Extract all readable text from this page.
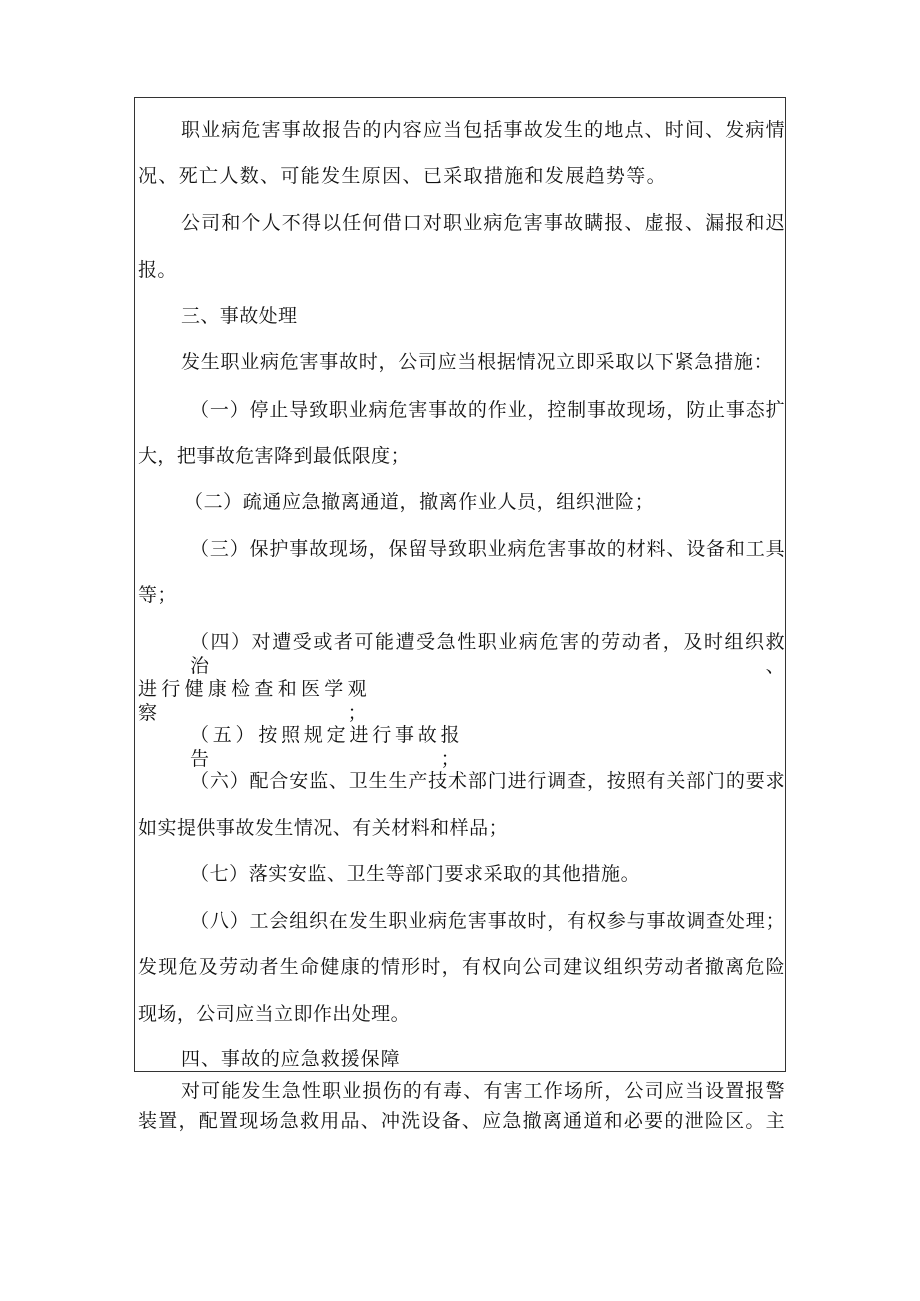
职业病危害事故报告的内容应当包括事故发生的地点、时间、发病情
况、死亡人数、可能发生原因、已采取措施和发展趋势等。
公司和个人不得以任何借口对职业病危害事故瞒报、虚报、漏报和迟
报。
三、事故处理
发生职业病危害事故时，公司应当根据情况立即采取以下紧急措施：
（一）停止导致职业病危害事故的作业，控制事故现场，防止事态扩
大，把事故危害降到最低限度；
（二）疏通应急撤离通道，撤离作业人员，组织泄险；
（三）保护事故现场，保留导致职业病危害事故的材料、设备和工具
等；
（四）对遭受或者可能遭受急性职业病危害的劳动者，及时组织救治、
进行健康检查和医学观察；
（五）按照规定进行事故报告；
（六）配合安监、卫生生产技术部门进行调查，按照有关部门的要求
如实提供事故发生情况、有关材料和样品；
（七）落实安监、卫生等部门要求采取的其他措施。
（八）工会组织在发生职业病危害事故时，有权参与事故调查处理；
发现危及劳动者生命健康的情形时，有权向公司建议组织劳动者撤离危险
现场，公司应当立即作出处理。
四、事故的应急救援保障
对可能发生急性职业损伤的有毒、有害工作场所，公司应当设置报警
装置，配置现场急救用品、冲洗设备、应急撤离通道和必要的泄险区。主
